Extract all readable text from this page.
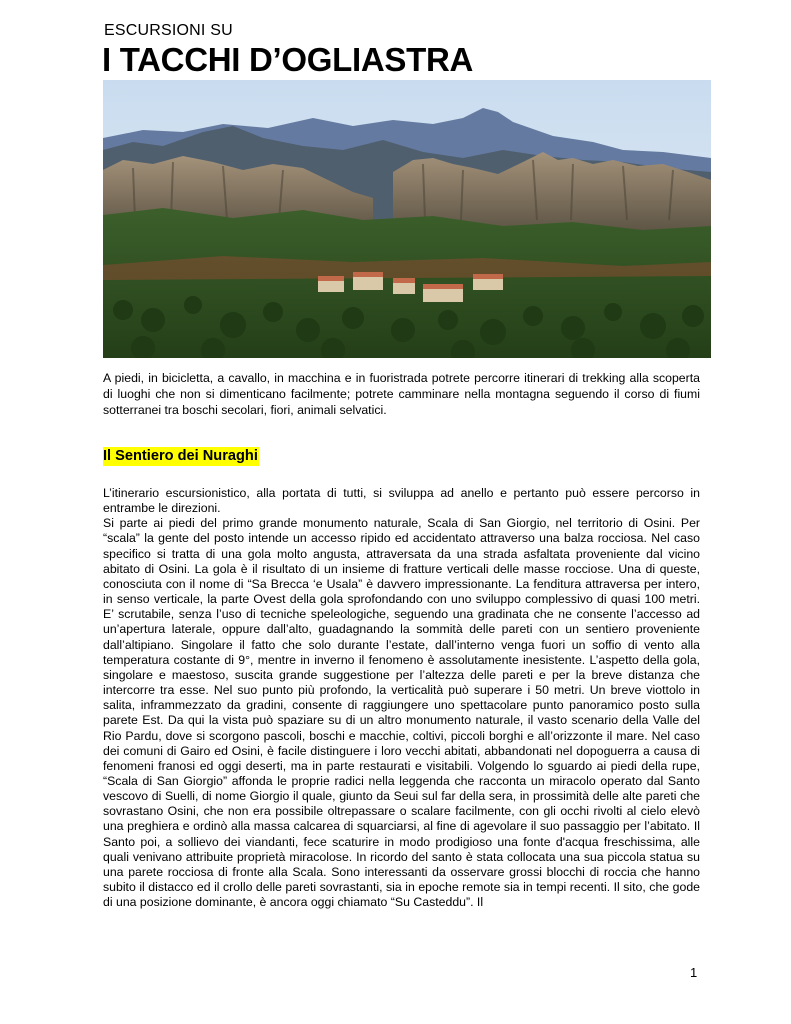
ESCURSIONI SU
I TACCHI D’OGLIASTRA
A piedi, in bicicletta, a cavallo, in macchina e in fuoristrada potrete percorre itinerari di trekking alla scoperta di luoghi che non si dimenticano facilmente; potrete camminare nella montagna seguendo il corso di fiumi sotterranei tra boschi secolari, fiori, animali selvatici.
Il Sentiero dei Nuraghi

L’itinerario escursionistico, alla portata di tutti, si sviluppa ad anello e pertanto può essere percorso in entrambe le direzioni.

Si parte ai piedi del primo grande monumento naturale, Scala di San Giorgio, nel territorio di Osini. Per “scala” la gente del posto intende un accesso ripido ed accidentato attraverso una balza rocciosa. Nel caso specifico si tratta di una gola molto angusta, attraversata da una strada asfaltata proveniente dal vicino abitato di Osini. La gola è il risultato di un insieme di fratture verticali delle masse rocciose. Una di queste, conosciuta con il nome di “Sa Brecca ‘e Usala” è davvero impressionante. La fenditura attraversa per intero, in senso verticale, la parte Ovest della gola sprofondando con uno sviluppo complessivo di quasi 100 metri. E’ scrutabile, senza l’uso di tecniche speleologiche, seguendo una gradinata che ne consente l’accesso ad un’apertura laterale, oppure dall’alto, guadagnando la sommità delle pareti con un sentiero proveniente dall’altipiano. Singolare il fatto che solo durante l’estate, dall’interno venga fuori un soffio di vento alla temperatura costante di 9°, mentre in inverno il fenomeno è assolutamente inesistente. L’aspetto della gola, singolare e maestoso, suscita grande suggestione per l’altezza delle pareti e per la breve distanza che intercorre tra esse. Nel suo punto più profondo, la verticalità può superare i 50 metri. Un breve viottolo in salita, inframmezzato da gradini, consente di raggiungere uno spettacolare punto panoramico posto sulla parete Est. Da qui la vista può spaziare su di un altro monumento naturale, il vasto scenario della Valle del Rio Pardu, dove si scorgono pascoli, boschi e macchie, coltivi, piccoli borghi e all’orizzonte il mare. Nel caso dei comuni di Gairo ed Osini, è facile distinguere i loro vecchi abitati, abbandonati nel dopoguerra a causa di fenomeni franosi ed oggi deserti, ma in parte restaurati e visitabili. Volgendo lo sguardo ai piedi della rupe, “Scala di San Giorgio” affonda le proprie radici nella leggenda che racconta un miracolo operato dal Santo vescovo di Suelli, di nome Giorgio il quale, giunto da Seui sul far della sera, in prossimità delle alte pareti che sovrastano Osini, che non era possibile oltrepassare o scalare facilmente, con gli occhi rivolti al cielo elevò una preghiera e ordinò alla massa calcarea di squarciarsi, al fine di agevolare il suo passaggio per l’abitato. Il Santo poi, a sollievo dei viandanti, fece scaturire in modo prodigioso una fonte d'acqua freschissima, alle quali venivano attribuite proprietà miracolose. In ricordo del santo è stata collocata una sua piccola statua su una parete rocciosa di fronte alla Scala. Sono interessanti da osservare grossi blocchi di roccia che hanno subito il distacco ed il crollo delle pareti sovrastanti, sia in epoche remote sia in tempi recenti. Il sito, che gode di una posizione dominante, è ancora oggi chiamato “Su Casteddu”. Il

1
